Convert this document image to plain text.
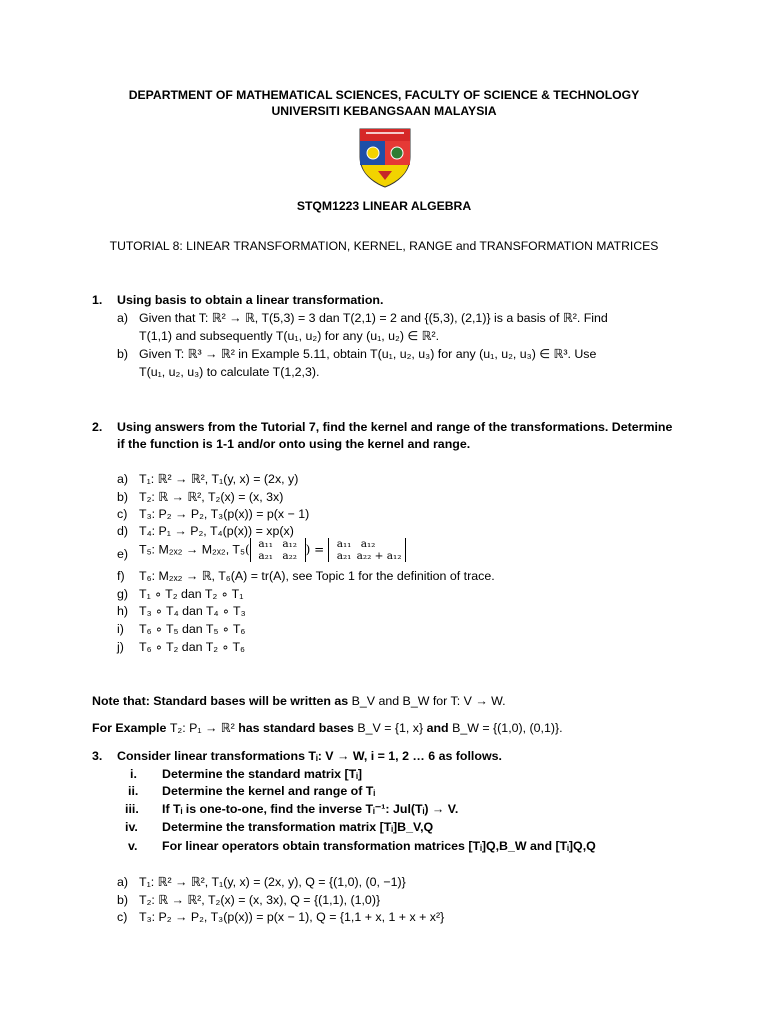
DEPARTMENT OF MATHEMATICAL SCIENCES, FACULTY OF SCIENCE & TECHNOLOGY
UNIVERSITI KEBANGSAAN MALAYSIA
STQM1223 LINEAR ALGEBRA
TUTORIAL 8: LINEAR TRANSFORMATION, KERNEL, RANGE and TRANSFORMATION MATRICES
1. Using basis to obtain a linear transformation.
a) Given that T: ℝ² → ℝ, T(5,3) = 3 dan T(2,1) = 2 and {(5,3), (2,1)} is a basis of ℝ². Find
T(1,1) and subsequently T(u₁, u₂) for any (u₁, u₂) ∈ ℝ².
b) Given T: ℝ³ → ℝ² in Example 5.11, obtain T(u₁, u₂, u₃) for any (u₁, u₂, u₃) ∈ ℝ³. Use
T(u₁, u₂, u₃) to calculate T(1,2,3).
2. Using answers from the Tutorial 7, find the kernel and range of the transformations. Determine
if the function is 1-1 and/or onto using the kernel and range.
a) T₁: ℝ² → ℝ², T₁(y, x) = (2x, y)
b) T₂: ℝ → ℝ², T₂(x) = (x, 3x)
c) T₃: P₂ → P₂, T₃(p(x)) = p(x − 1)
d) T₄: P₁ → P₂, T₄(p(x)) = xp(x)
e) T₅: M₂ₓ₂ → M₂ₓ₂, T₅( a₁₁ a₁₂
a₂₁ a₂₂ ) = a₁₁ a₁₂
a₂₁ a₂₂ + a₁₂
f) T₆: M₂ₓ₂ → ℝ, T₆(A) = tr(A), see Topic 1 for the definition of trace.
g) T₁ ∘ T₂ dan T₂ ∘ T₁
h) T₃ ∘ T₄ dan T₄ ∘ T₃
i) T₆ ∘ T₅ dan T₅ ∘ T₆
j) T₆ ∘ T₂ dan T₂ ∘ T₆
Note that: Standard bases will be written as B_V and B_W for T: V → W.
For Example T₂: P₁ → ℝ² has standard bases B_V = {1, x} and B_W = {(1,0), (0,1)}.
3. Consider linear transformations Tᵢ: V → W, i = 1, 2 … 6 as follows.
i. Determine the standard matrix [Tᵢ]
ii. Determine the kernel and range of Tᵢ
iii. If Tᵢ is one-to-one, find the inverse Tᵢ⁻¹: Jul(Tᵢ) → V.
iv. Determine the transformation matrix [Tᵢ]B_V,Q
v. For linear operators obtain transformation matrices [Tᵢ]Q,B_W and [Tᵢ]Q,Q
a) T₁: ℝ² → ℝ², T₁(y, x) = (2x, y), Q = {(1,0), (0, −1)}
b) T₂: ℝ → ℝ², T₂(x) = (x, 3x), Q = {(1,1), (1,0)}
c) T₃: P₂ → P₂, T₃(p(x)) = p(x − 1), Q = {1,1 + x, 1 + x + x²}
